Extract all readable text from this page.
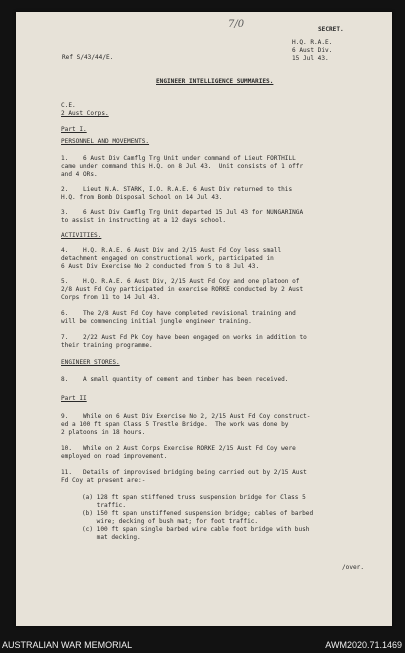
7/0	SECRET.
H.Q. R.A.E.
6 Aust Div.
15 Jul 43.
Ref S/43/44/E.
ENGINEER INTELLIGENCE SUMMARIES.
C.E.
2 Aust Corps.
Part I.
PERSONNEL AND MOVEMENTS.
1.    6 Aust Div Camflg Trg Unit under command of Lieut FORTHILL
came under command this H.Q. on 8 Jul 43.  Unit consists of 1 offr
and 4 ORs.
2.    Lieut N.A. STARK, I.O. R.A.E. 6 Aust Div returned to this
H.Q. from Bomb Disposal School on 14 Jul 43.
3.    6 Aust Div Camflg Trg Unit departed 15 Jul 43 for NUNGARINGA
to assist in instructing at a 12 days school.
ACTIVITIES.
4.    H.Q. R.A.E. 6 Aust Div and 2/15 Aust Fd Coy less small
detachment engaged on constructional work, participated in
6 Aust Div Exercise No 2 conducted from 5 to 8 Jul 43.
5.    H.Q. R.A.E. 6 Aust Div, 2/15 Aust Fd Coy and one platoon of
2/8 Aust Fd Coy participated in exercise RORKE conducted by 2 Aust
Corps from 11 to 14 Jul 43.
6.    The 2/8 Aust Fd Coy have completed revisional training and
will be commencing initial jungle engineer training.
7.    2/22 Aust Fd Pk Coy have been engaged on works in addition to
their training programme.
ENGINEER STORES.
8.    A small quantity of cement and timber has been received.
Part II
9.    While on 6 Aust Div Exercise No 2, 2/15 Aust Fd Coy construct-
ed a 100 ft span Class 5 Trestle Bridge.  The work was done by
2 platoons in 18 hours.
10.   While on 2 Aust Corps Exercise RORKE 2/15 Aust Fd Coy were
employed on road improvement.
11.   Details of improvised bridging being carried out by 2/15 Aust
Fd Coy at present are:-
(a) 128 ft span stiffened truss suspension bridge for Class 5
traffic.
(b) 150 ft span unstiffened suspension bridge; cables of barbed
wire; decking of bush mat; for foot traffic.
(c) 100 ft span single barbed wire cable foot bridge with bush
mat decking.
/over.
AUSTRALIAN WAR MEMORIAL	AWM2020.71.1469
